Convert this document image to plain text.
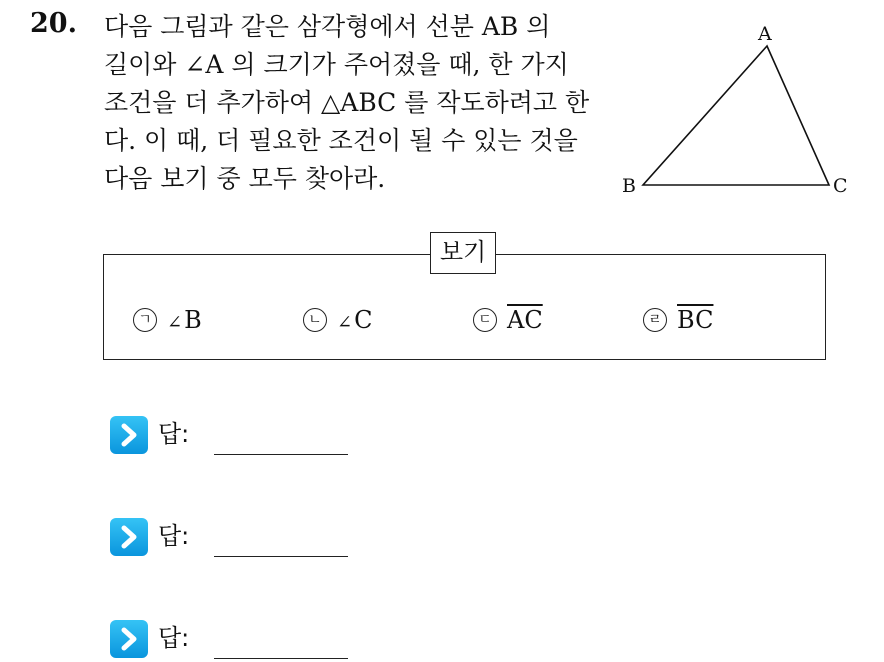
20. 다음 그림과 같은 삼각형에서 선분 AB 의
길이와 ∠A 의 크기가 주어졌을 때, 한 가지
조건을 더 추가하여 △ABC 를 작도하려고 한
다. 이 때, 더 필요한 조건이 될 수 있는 것을
다음 보기 중 모두 찾아라.
A
B	C
보기
ㄱ ∠B	ㄴ ∠C	ㄷ $\overline{AC}$	ㄹ $\overline{BC}$
답:
답:
답:
